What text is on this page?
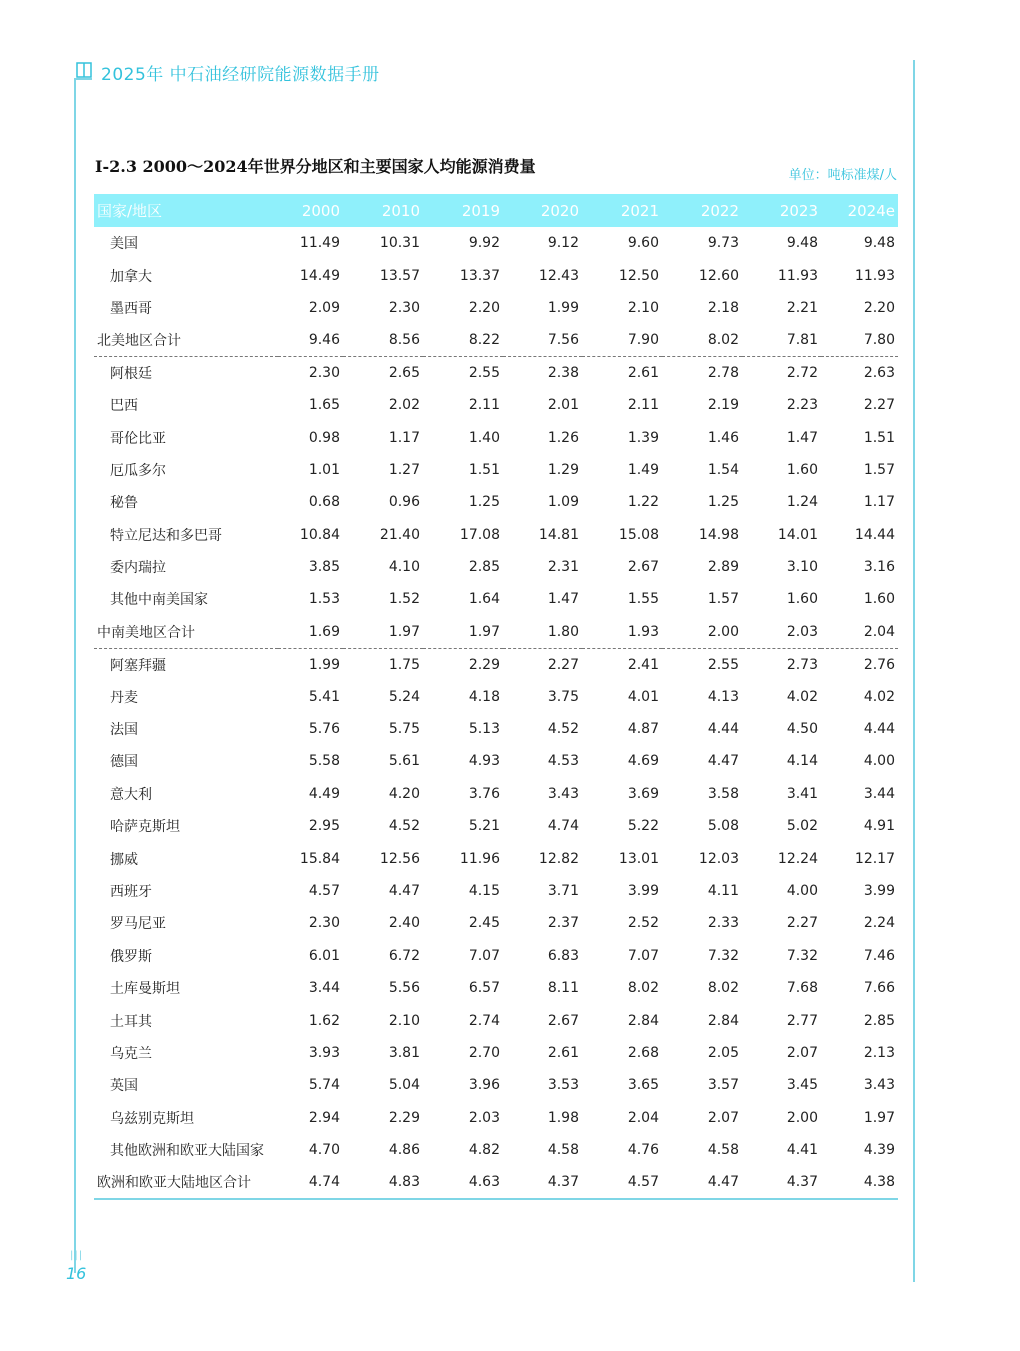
2025年 中石油经研院能源数据手册
I-2.3 2000～2024年世界分地区和主要国家人均能源消费量	单位：吨标准煤/人
国家/地区	2000	2010	2019	2020	2021	2022	2023	2024e
美国	11.49	10.31	9.92	9.12	9.60	9.73	9.48	9.48
加拿大	14.49	13.57	13.37	12.43	12.50	12.60	11.93	11.93
墨西哥	2.09	2.30	2.20	1.99	2.10	2.18	2.21	2.20
北美地区合计	9.46	8.56	8.22	7.56	7.90	8.02	7.81	7.80
阿根廷	2.30	2.65	2.55	2.38	2.61	2.78	2.72	2.63
巴西	1.65	2.02	2.11	2.01	2.11	2.19	2.23	2.27
哥伦比亚	0.98	1.17	1.40	1.26	1.39	1.46	1.47	1.51
厄瓜多尔	1.01	1.27	1.51	1.29	1.49	1.54	1.60	1.57
秘鲁	0.68	0.96	1.25	1.09	1.22	1.25	1.24	1.17
特立尼达和多巴哥	10.84	21.40	17.08	14.81	15.08	14.98	14.01	14.44
委内瑞拉	3.85	4.10	2.85	2.31	2.67	2.89	3.10	3.16
其他中南美国家	1.53	1.52	1.64	1.47	1.55	1.57	1.60	1.60
中南美地区合计	1.69	1.97	1.97	1.80	1.93	2.00	2.03	2.04
阿塞拜疆	1.99	1.75	2.29	2.27	2.41	2.55	2.73	2.76
丹麦	5.41	5.24	4.18	3.75	4.01	4.13	4.02	4.02
法国	5.76	5.75	5.13	4.52	4.87	4.44	4.50	4.44
德国	5.58	5.61	4.93	4.53	4.69	4.47	4.14	4.00
意大利	4.49	4.20	3.76	3.43	3.69	3.58	3.41	3.44
哈萨克斯坦	2.95	4.52	5.21	4.74	5.22	5.08	5.02	4.91
挪威	15.84	12.56	11.96	12.82	13.01	12.03	12.24	12.17
西班牙	4.57	4.47	4.15	3.71	3.99	4.11	4.00	3.99
罗马尼亚	2.30	2.40	2.45	2.37	2.52	2.33	2.27	2.24
俄罗斯	6.01	6.72	7.07	6.83	7.07	7.32	7.32	7.46
土库曼斯坦	3.44	5.56	6.57	8.11	8.02	8.02	7.68	7.66
土耳其	1.62	2.10	2.74	2.67	2.84	2.84	2.77	2.85
乌克兰	3.93	3.81	2.70	2.61	2.68	2.05	2.07	2.13
英国	5.74	5.04	3.96	3.53	3.65	3.57	3.45	3.43
乌兹别克斯坦	2.94	2.29	2.03	1.98	2.04	2.07	2.00	1.97
其他欧洲和欧亚大陆国家	4.70	4.86	4.82	4.58	4.76	4.58	4.41	4.39
欧洲和欧亚大陆地区合计	4.74	4.83	4.63	4.37	4.57	4.47	4.37	4.38
|||
16
